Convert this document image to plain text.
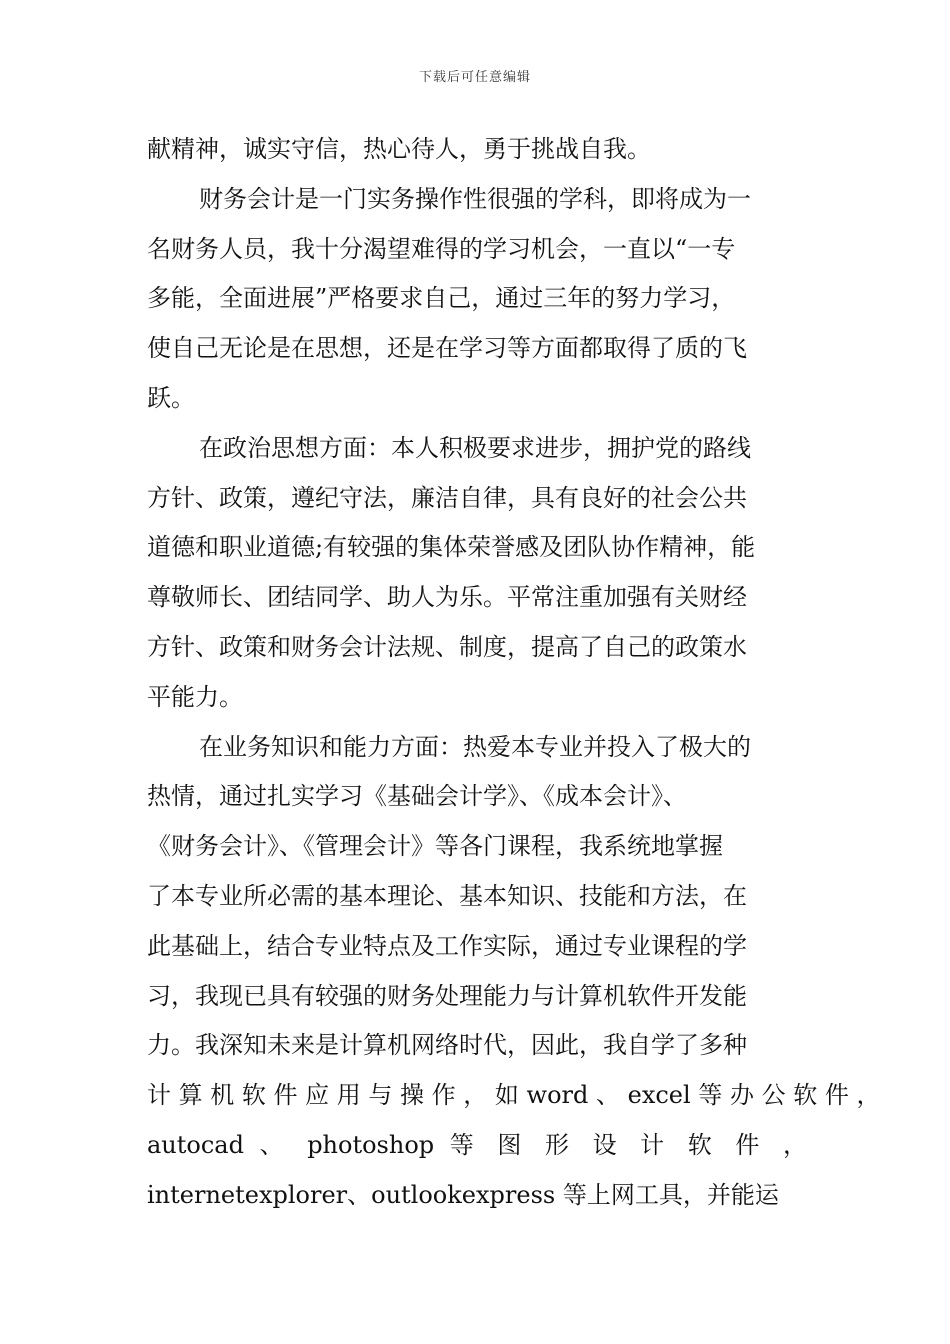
下载后可任意编辑
献精神，诚实守信，热心待人，勇于挑战自我。
财务会计是一门实务操作性很强的学科，即将成为一
名财务人员，我十分渴望难得的学习机会，一直以“一专
多能，全面进展”严格要求自己，通过三年的努力学习，
使自己无论是在思想，还是在学习等方面都取得了质的飞
跃。
在政治思想方面：本人积极要求进步，拥护党的路线
方针、政策，遵纪守法，廉洁自律，具有良好的社会公共
道德和职业道德;有较强的集体荣誉感及团队协作精神，能
尊敬师长、团结同学、助人为乐。平常注重加强有关财经
方针、政策和财务会计法规、制度，提高了自己的政策水
平能力。
在业务知识和能力方面：热爱本专业并投入了极大的
热情，通过扎实学习《基础会计学》、《成本会计》、
《财务会计》、《管理会计》等各门课程，我系统地掌握
了本专业所必需的基本理论、基本知识、技能和方法，在
此基础上，结合专业特点及工作实际，通过专业课程的学
习，我现已具有较强的财务处理能力与计算机软件开发能
力。我深知未来是计算机网络时代，因此，我自学了多种
计 算 机 软 件 应 用 与 操 作 ， 如 word 、 excel 等 办 公 软 件 ，
autocad 、 photoshop 等 图 形 设 计 软 件 ，
internetexplorer、outlookexpress 等上网工具，并能运
